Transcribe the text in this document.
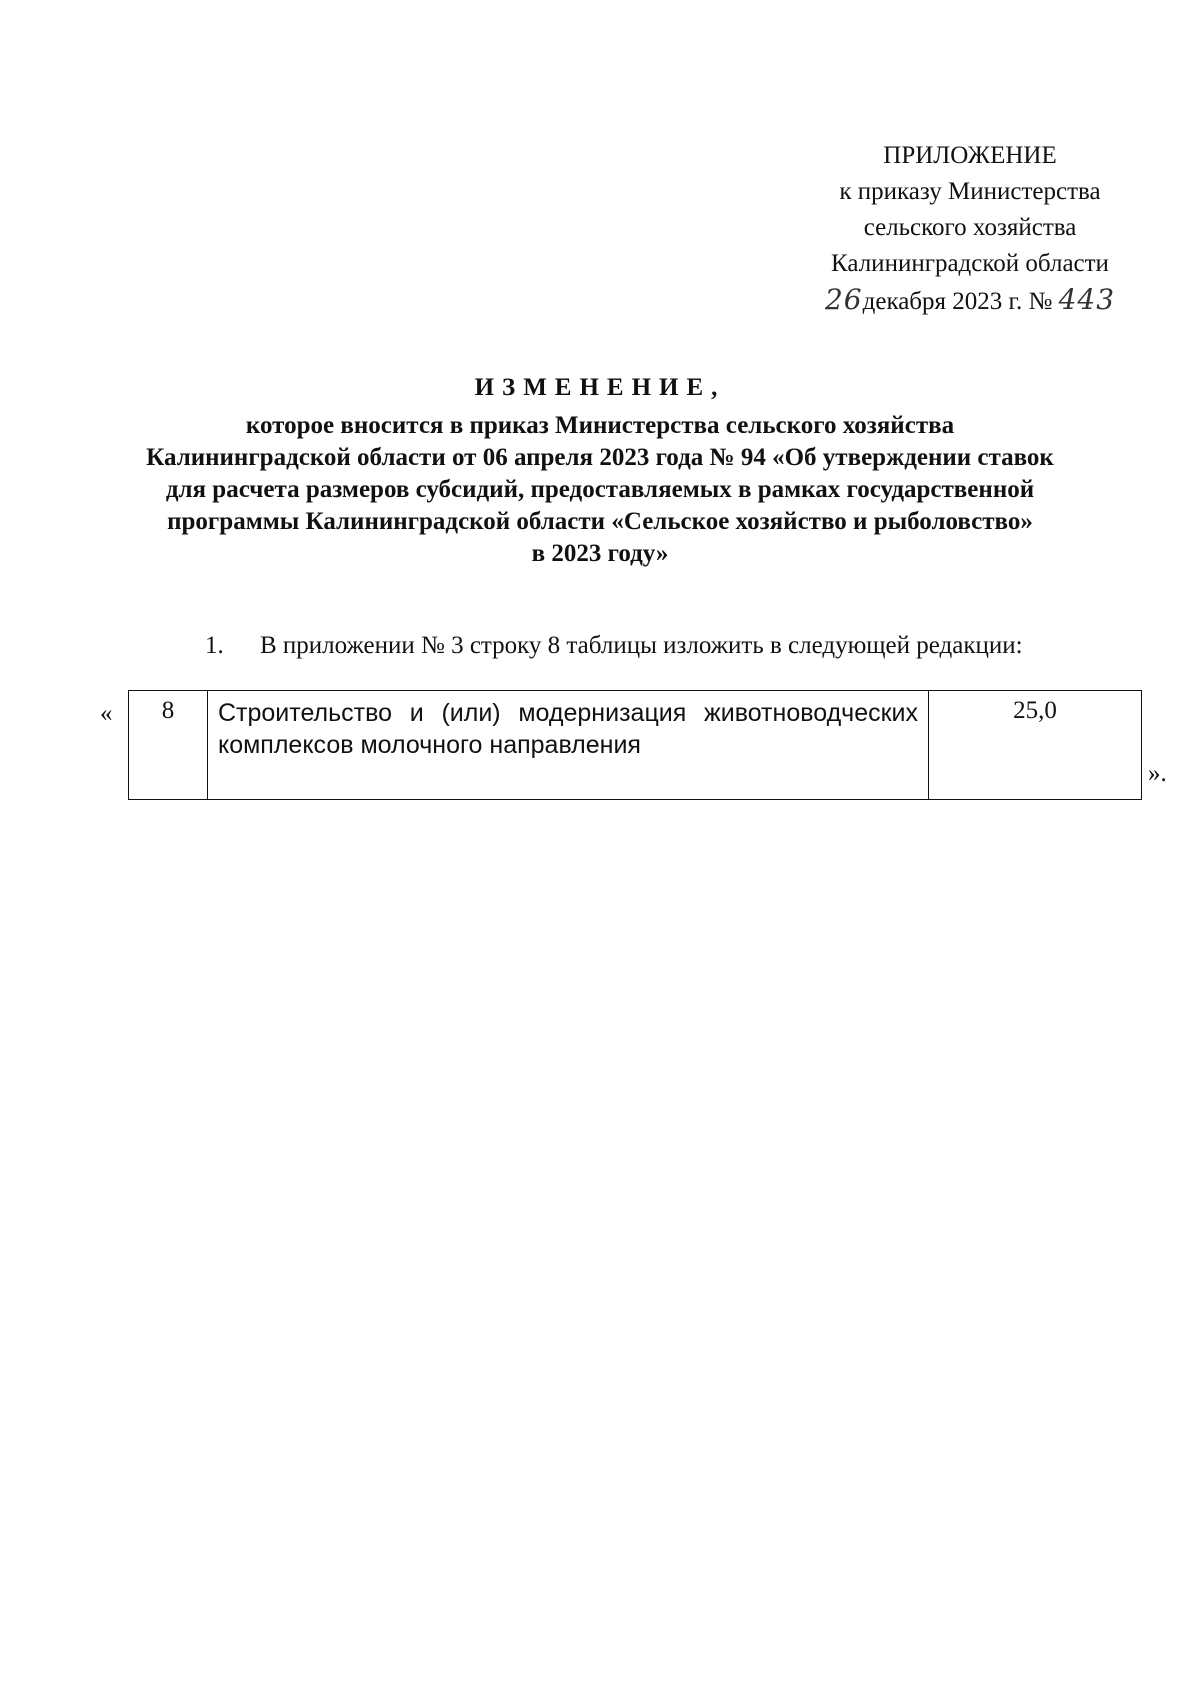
ПРИЛОЖЕНИЕ
к приказу Министерства
сельского хозяйства
Калининградской области
26декабря 2023 г. № 443
ИЗМЕНЕНИЕ,
которое вносится в приказ Министерства сельского хозяйства
Калининградской области от 06 апреля 2023 года № 94 «Об утверждении ставок
для расчета размеров субсидий, предоставляемых в рамках государственной
программы Калининградской области «Сельское хозяйство и рыболовство»
в 2023 году»
1. В приложении № 3 строку 8 таблицы изложить в следующей редакции:
« 8	Строительство и (или) модернизация животноводческих комплексов молочного направления	25,0
».
